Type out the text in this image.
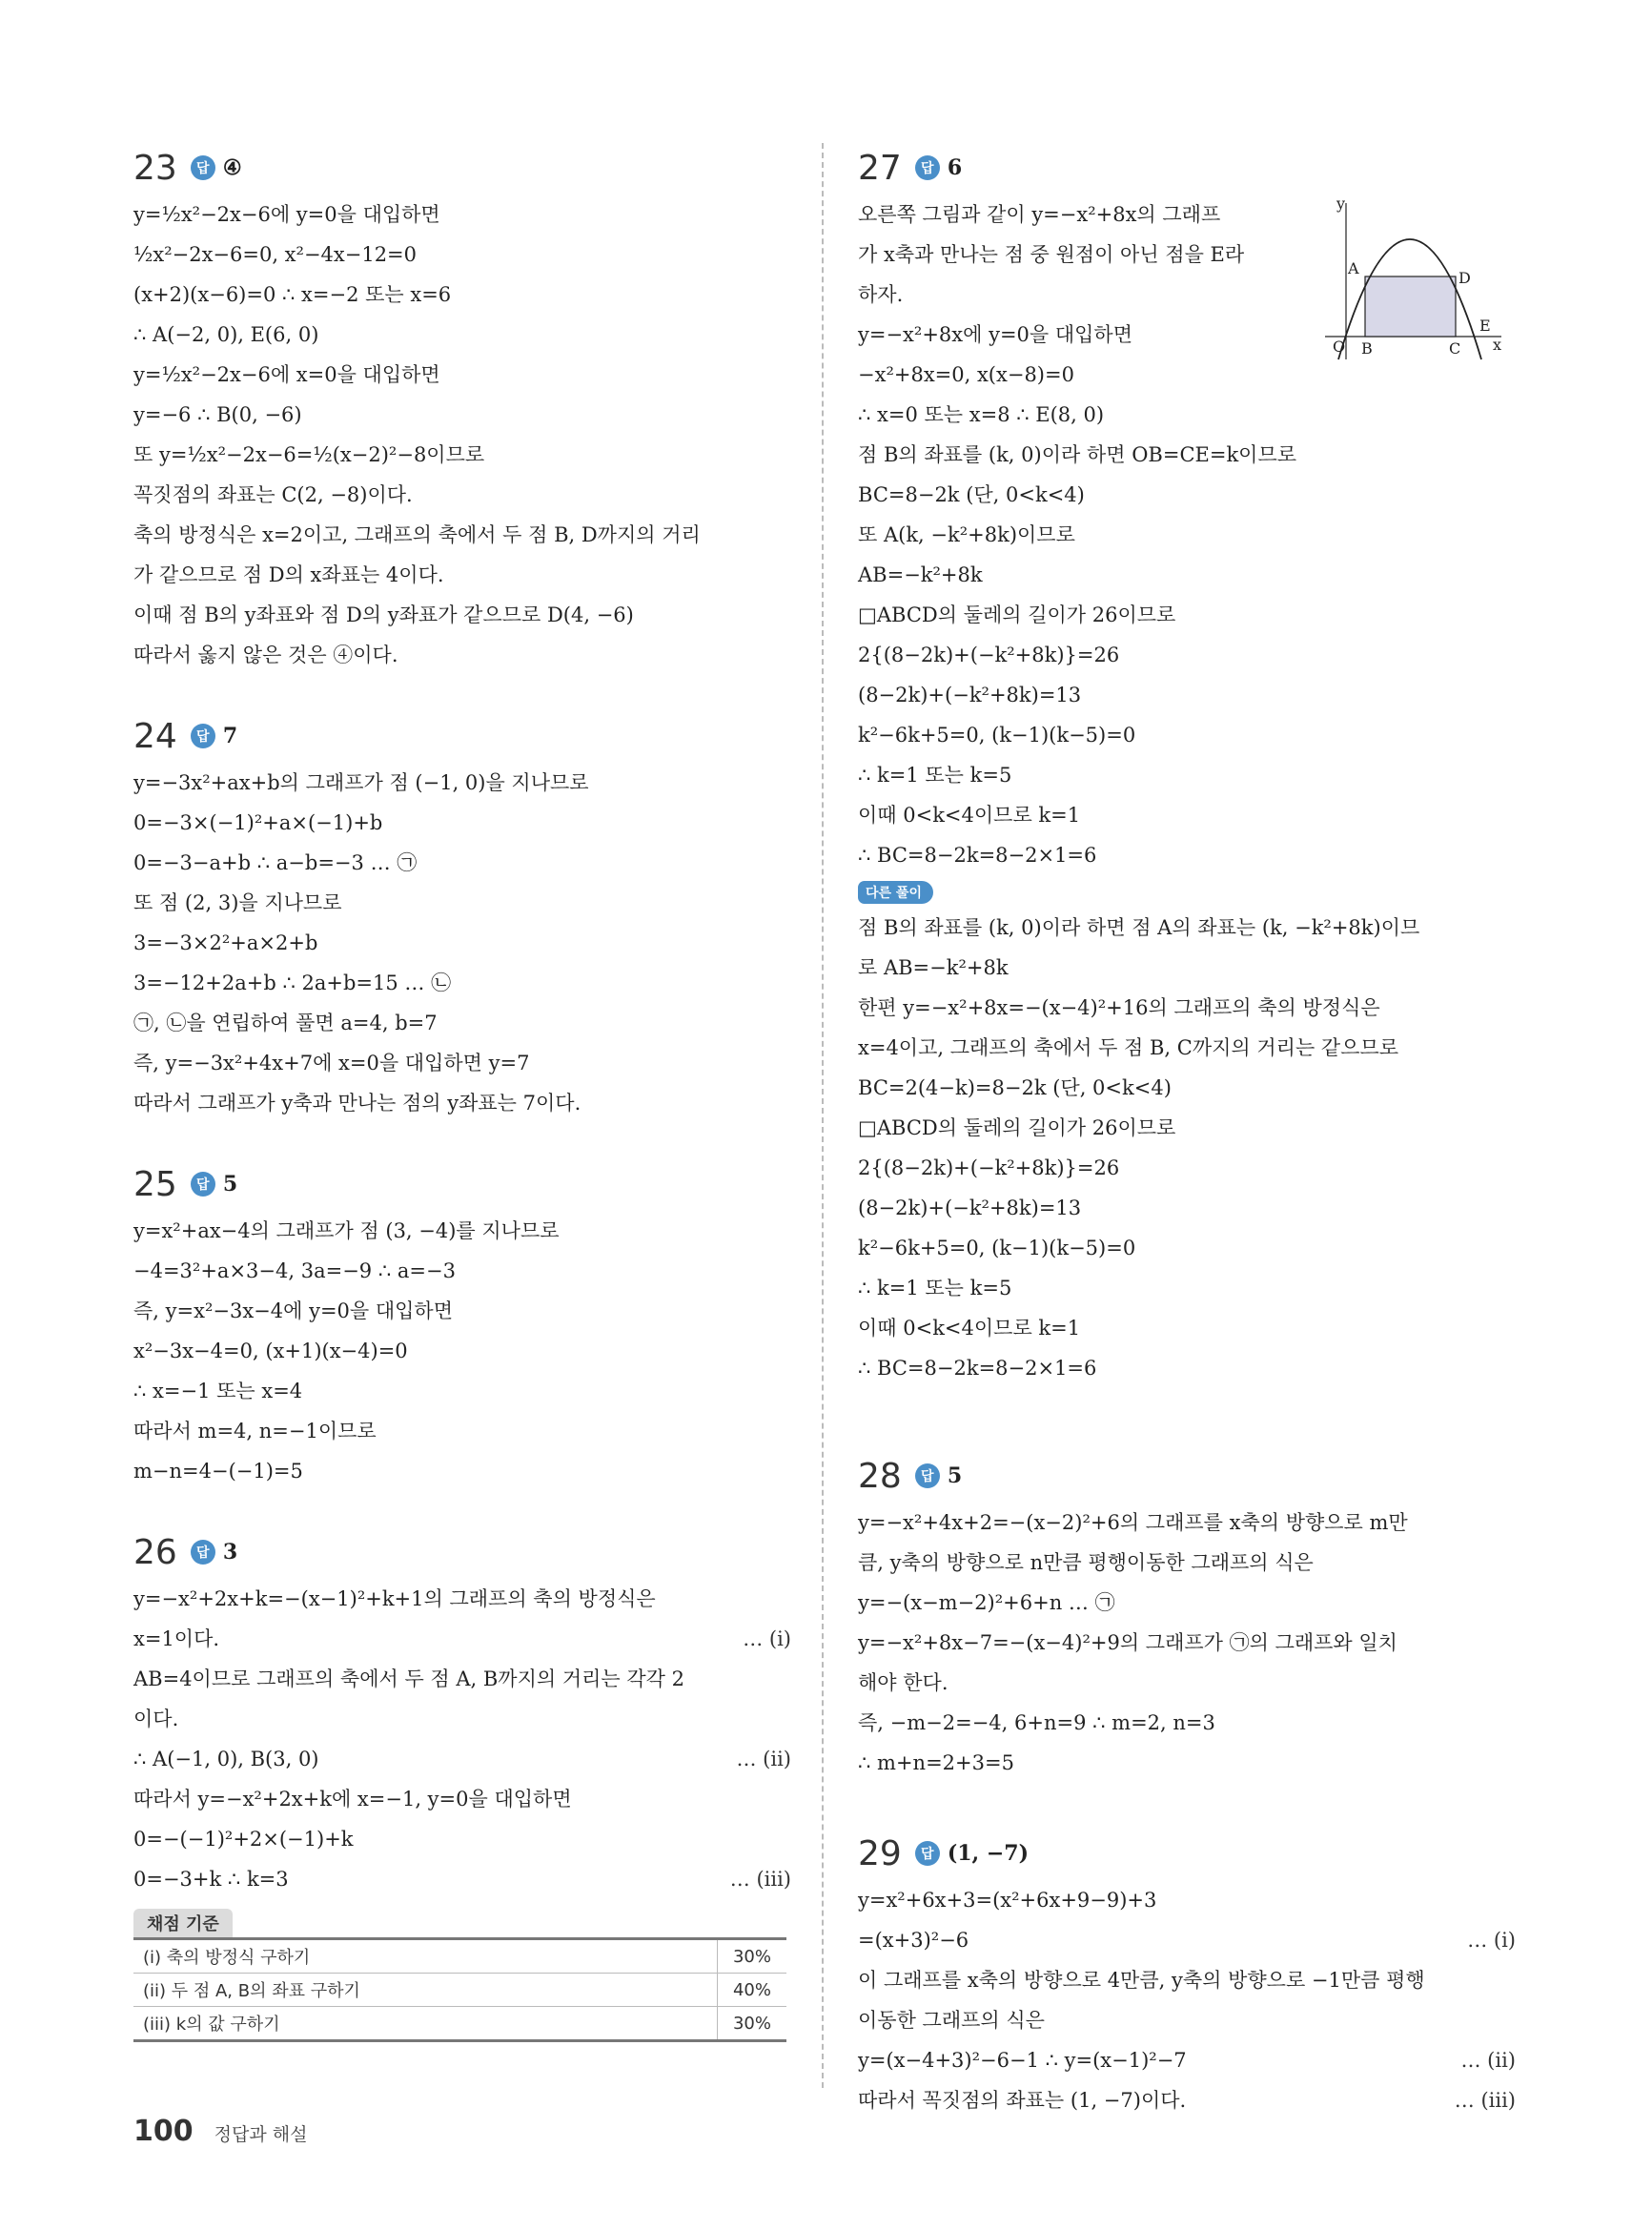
23	답 ④
y=½x²−2x−6에 y=0을 대입하면
½x²−2x−6=0, x²−4x−12=0
(x+2)(x−6)=0 ∴ x=−2 또는 x=6
∴ A(−2, 0), E(6, 0)
y=½x²−2x−6에 x=0을 대입하면
y=−6 ∴ B(0, −6)
또 y=½x²−2x−6=½(x−2)²−8이므로
꼭짓점의 좌표는 C(2, −8)이다.
축의 방정식은 x=2이고, 그래프의 축에서 두 점 B, D까지의 거리
가 같으므로 점 D의 x좌표는 4이다.
이때 점 B의 y좌표와 점 D의 y좌표가 같으므로 D(4, −6)
따라서 옳지 않은 것은 ④이다.
24	답 7
y=−3x²+ax+b의 그래프가 점 (−1, 0)을 지나므로
0=−3×(−1)²+a×(−1)+b
0=−3−a+b ∴ a−b=−3 … ㉠
또 점 (2, 3)을 지나므로
3=−3×2²+a×2+b
3=−12+2a+b ∴ 2a+b=15 … ㉡
㉠, ㉡을 연립하여 풀면 a=4, b=7
즉, y=−3x²+4x+7에 x=0을 대입하면 y=7
따라서 그래프가 y축과 만나는 점의 y좌표는 7이다.
25	답 5
y=x²+ax−4의 그래프가 점 (3, −4)를 지나므로
−4=3²+a×3−4, 3a=−9 ∴ a=−3
즉, y=x²−3x−4에 y=0을 대입하면
x²−3x−4=0, (x+1)(x−4)=0
∴ x=−1 또는 x=4
따라서 m=4, n=−1이므로
m−n=4−(−1)=5
26	답 3
y=−x²+2x+k=−(x−1)²+k+1의 그래프의 축의 방정식은
x=1이다.	… (i)
AB=4이므로 그래프의 축에서 두 점 A, B까지의 거리는 각각 2
이다.
∴ A(−1, 0), B(3, 0)	… (ii)
따라서 y=−x²+2x+k에 x=−1, y=0을 대입하면
0=−(−1)²+2×(−1)+k
0=−3+k ∴ k=3	… (iii)
채점 기준
(i) 축의 방정식 구하기	30%
(ii) 두 점 A, B의 좌표 구하기	40%
(iii) k의 값 구하기	30%
27	답 6
오른쪽 그림과 같이 y=−x²+8x의 그래프
가 x축과 만나는 점 중 원점이 아닌 점을 E라
하자.
y=−x²+8x에 y=0을 대입하면
−x²+8x=0, x(x−8)=0
∴ x=0 또는 x=8 ∴ E(8, 0)
점 B의 좌표를 (k, 0)이라 하면 OB=CE=k이므로
BC=8−2k (단, 0<k<4)
또 A(k, −k²+8k)이므로
AB=−k²+8k
□ABCD의 둘레의 길이가 26이므로
2{(8−2k)+(−k²+8k)}=26
(8−2k)+(−k²+8k)=13
k²−6k+5=0, (k−1)(k−5)=0
∴ k=1 또는 k=5
이때 0<k<4이므로 k=1
∴ BC=8−2k=8−2×1=6
다른 풀이
점 B의 좌표를 (k, 0)이라 하면 점 A의 좌표는 (k, −k²+8k)이므
로 AB=−k²+8k
한편 y=−x²+8x=−(x−4)²+16의 그래프의 축의 방정식은
x=4이고, 그래프의 축에서 두 점 B, C까지의 거리는 같으므로
BC=2(4−k)=8−2k (단, 0<k<4)
□ABCD의 둘레의 길이가 26이므로
2{(8−2k)+(−k²+8k)}=26
(8−2k)+(−k²+8k)=13
k²−6k+5=0, (k−1)(k−5)=0
∴ k=1 또는 k=5
이때 0<k<4이므로 k=1
∴ BC=8−2k=8−2×1=6
28	답 5
y=−x²+4x+2=−(x−2)²+6의 그래프를 x축의 방향으로 m만
큼, y축의 방향으로 n만큼 평행이동한 그래프의 식은
y=−(x−m−2)²+6+n … ㉠
y=−x²+8x−7=−(x−4)²+9의 그래프가 ㉠의 그래프와 일치
해야 한다.
즉, −m−2=−4, 6+n=9 ∴ m=2, n=3
∴ m+n=2+3=5
29	답 (1, −7)
y=x²+6x+3=(x²+6x+9−9)+3
=(x+3)²−6	… (i)
이 그래프를 x축의 방향으로 4만큼, y축의 방향으로 −1만큼 평행
이동한 그래프의 식은
y=(x−4+3)²−6−1 ∴ y=(x−1)²−7	… (ii)
따라서 꼭짓점의 좌표는 (1, −7)이다.	… (iii)
y
x
O
A
B	C
D
E
100 정답과 해설
